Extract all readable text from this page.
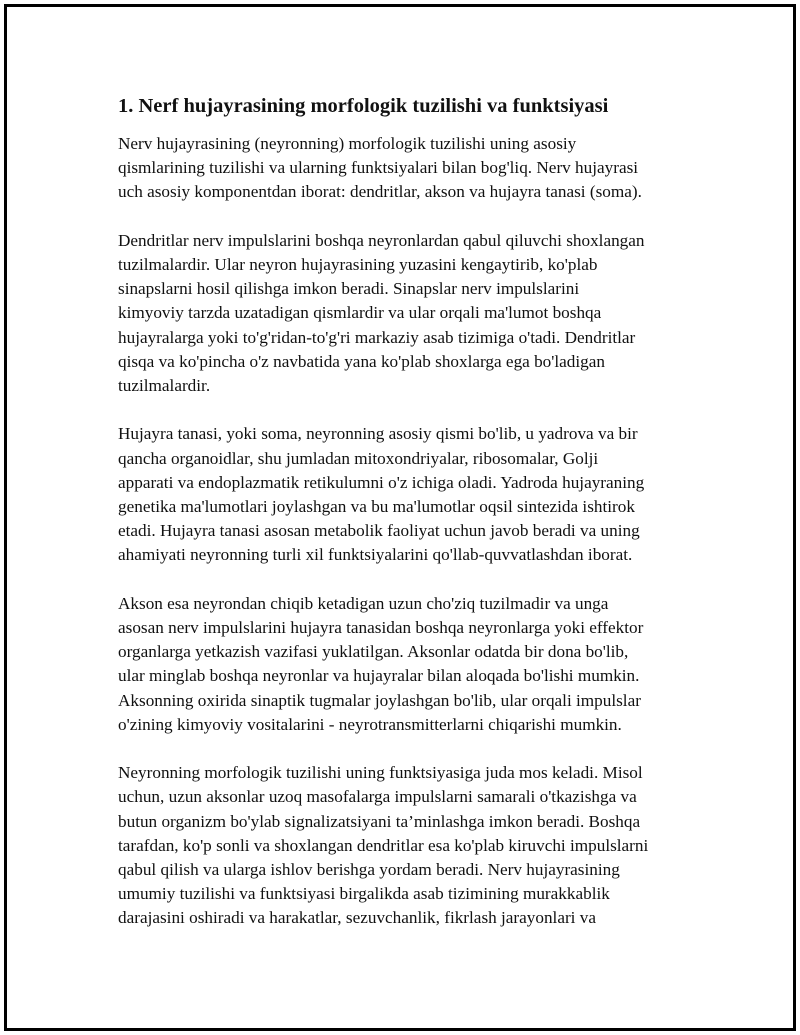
1. Nerf hujayrasining morfologik tuzilishi va funktsiyasi

Nerv hujayrasining (neyronning) morfologik tuzilishi uning asosiy
qismlarining tuzilishi va ularning funktsiyalari bilan bog'liq. Nerv hujayrasi
uch asosiy komponentdan iborat: dendritlar, akson va hujayra tanasi (soma).

Dendritlar nerv impulslarini boshqa neyronlardan qabul qiluvchi shoxlangan
tuzilmalardir. Ular neyron hujayrasining yuzasini kengaytirib, ko'plab
sinapslarni hosil qilishga imkon beradi. Sinapslar nerv impulslarini
kimyoviy tarzda uzatadigan qismlardir va ular orqali ma'lumot boshqa
hujayralarga yoki to'g'ridan-to'g'ri markaziy asab tizimiga o'tadi. Dendritlar
qisqa va ko'pincha o'z navbatida yana ko'plab shoxlarga ega bo'ladigan
tuzilmalardir.

Hujayra tanasi, yoki soma, neyronning asosiy qismi bo'lib, u yadrova va bir
qancha organoidlar, shu jumladan mitoxondriyalar, ribosomalar, Golji
apparati va endoplazmatik retikulumni o'z ichiga oladi. Yadroda hujayraning
genetika ma'lumotlari joylashgan va bu ma'lumotlar oqsil sintezida ishtirok
etadi. Hujayra tanasi asosan metabolik faoliyat uchun javob beradi va uning
ahamiyati neyronning turli xil funktsiyalarini qo'llab-quvvatlashdan iborat.

Akson esa neyrondan chiqib ketadigan uzun cho'ziq tuzilmadir va unga
asosan nerv impulslarini hujayra tanasidan boshqa neyronlarga yoki effektor
organlarga yetkazish vazifasi yuklatilgan. Aksonlar odatda bir dona bo'lib,
ular minglab boshqa neyronlar va hujayralar bilan aloqada bo'lishi mumkin.
Aksonning oxirida sinaptik tugmalar joylashgan bo'lib, ular orqali impulslar
o'zining kimyoviy vositalarini - neyrotransmitterlarni chiqarishi mumkin.

Neyronning morfologik tuzilishi uning funktsiyasiga juda mos keladi. Misol
uchun, uzun aksonlar uzoq masofalarga impulslarni samarali o'tkazishga va
butun organizm bo'ylab signalizatsiyani ta’minlashga imkon beradi. Boshqa
tarafdan, ko'p sonli va shoxlangan dendritlar esa ko'plab kiruvchi impulslarni
qabul qilish va ularga ishlov berishga yordam beradi. Nerv hujayrasining
umumiy tuzilishi va funktsiyasi birgalikda asab tizimining murakkablik
darajasini oshiradi va harakatlar, sezuvchanlik, fikrlash jarayonlari va
